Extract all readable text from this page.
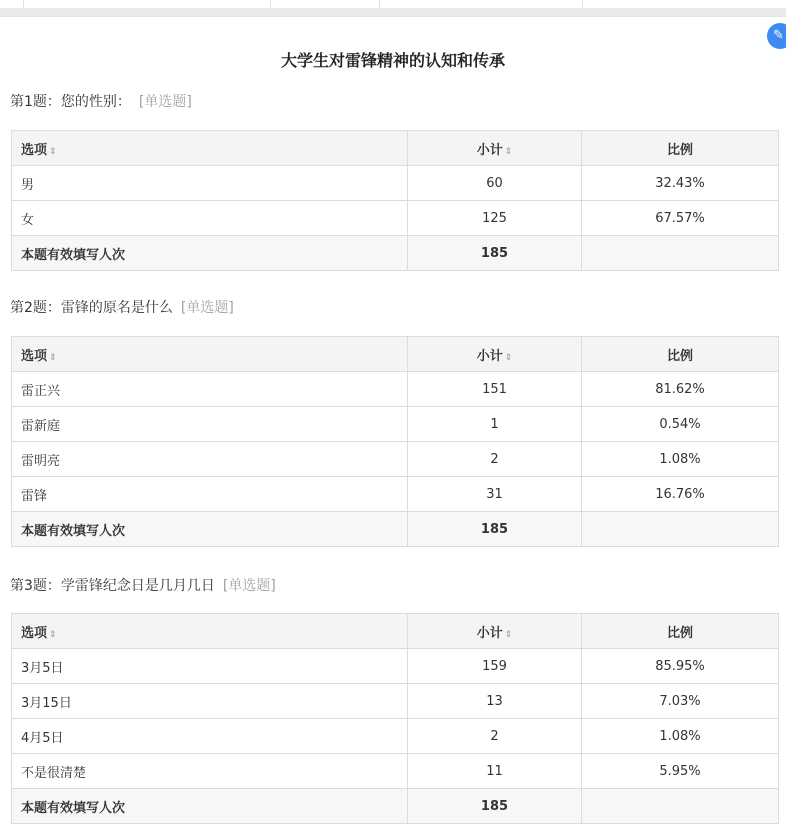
✎
大学生对雷锋精神的认知和传承
第1题：您的性别： [单选题]
选项 ⇕	小计 ⇕	比例
男	60	32.43%
女	125	67.57%
本题有效填写人次	185	
第2题：雷锋的原名是什么 [单选题]
选项 ⇕	小计 ⇕	比例
雷正兴	151	81.62%
雷新庭	1	0.54%
雷明亮	2	1.08%
雷锋	31	16.76%
本题有效填写人次	185	
第3题：学雷锋纪念日是几月几日 [单选题]
选项 ⇕	小计 ⇕	比例
3月5日	159	85.95%
3月15日	13	7.03%
4月5日	2	1.08%
不是很清楚	11	5.95%
本题有效填写人次	185	
